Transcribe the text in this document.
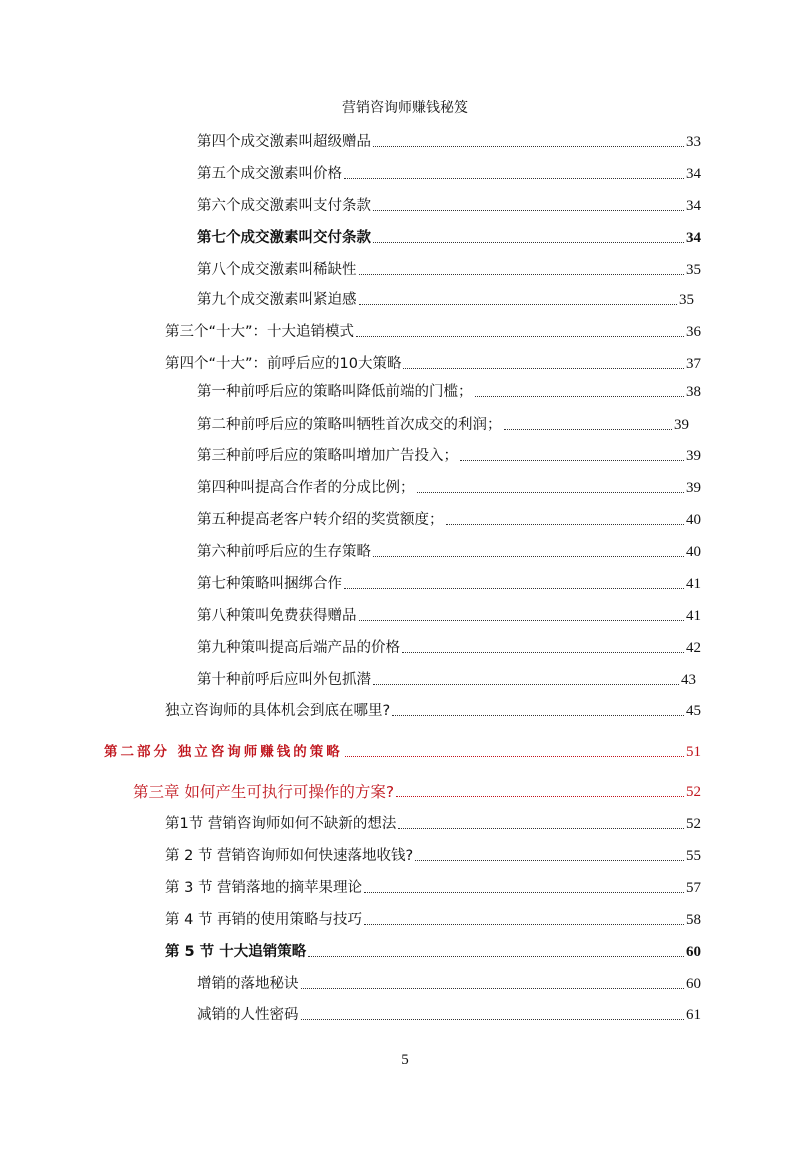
营销咨询师赚钱秘笈
第四个成交激素叫超级赠品	33
第五个成交激素叫价格	34
第六个成交激素叫支付条款	34
第七个成交激素叫交付条款	34
第八个成交激素叫稀缺性	35
第九个成交激素叫紧迫感	35
第三个“十大”：十大追销模式	36
第四个“十大”：前呼后应的10大策略	37
第一种前呼后应的策略叫降低前端的门槛；	38
第二种前呼后应的策略叫牺牲首次成交的利润；	39
第三种前呼后应的策略叫增加广告投入；	39
第四种叫提高合作者的分成比例；	39
第五种提高老客户转介绍的奖赏额度；	40
第六种前呼后应的生存策略	40
第七种策略叫捆绑合作	41
第八种策叫免费获得赠品	41
第九种策叫提高后端产品的价格	42
第十种前呼后应叫外包抓潜	43
独立咨询师的具体机会到底在哪里?	45
第二部分 独立咨询师赚钱的策略	51
第三章 如何产生可执行可操作的方案?	52
第1节 营销咨询师如何不缺新的想法	52
第 2 节 营销咨询师如何快速落地收钱?	55
第 3 节 营销落地的摘苹果理论	57
第 4 节 再销的使用策略与技巧	58
第 5 节 十大追销策略	60
增销的落地秘诀	60
减销的人性密码	61
5
